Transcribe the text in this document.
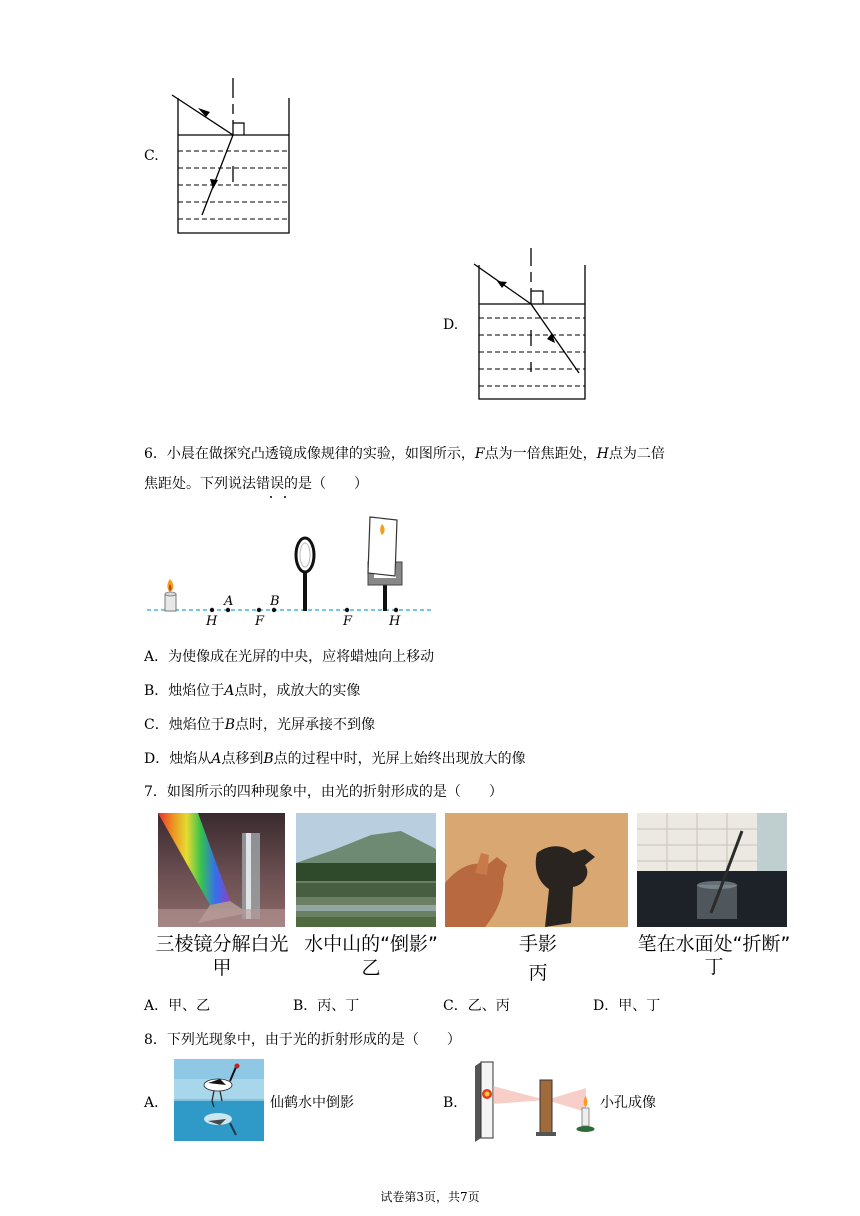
C.
D.
6．小晨在做探究凸透镜成像规律的实验，如图所示，F点为一倍焦距处，H点为二倍
焦距处。下列说法错误的是（　　）
A	B
H	F	F	H
A．为使像成在光屏的中央，应将蜡烛向上移动
B．烛焰位于A点时，成放大的实像
C．烛焰位于B点时，光屏承接不到像
D．烛焰从A点移到B点的过程中时，光屏上始终出现放大的像
7．如图所示的四种现象中，由光的折射形成的是（　　）
三棱镜分解白光
甲
水中山的“倒影”
乙
手影
丙
笔在水面处“折断”
丁
A．甲、乙	B．丙、丁	C．乙、丙	D．甲、丁
8．下列光现象中，由于光的折射形成的是（　　）
A．	仙鹤水中倒影	B．	小孔成像
试卷第3页，共7页
